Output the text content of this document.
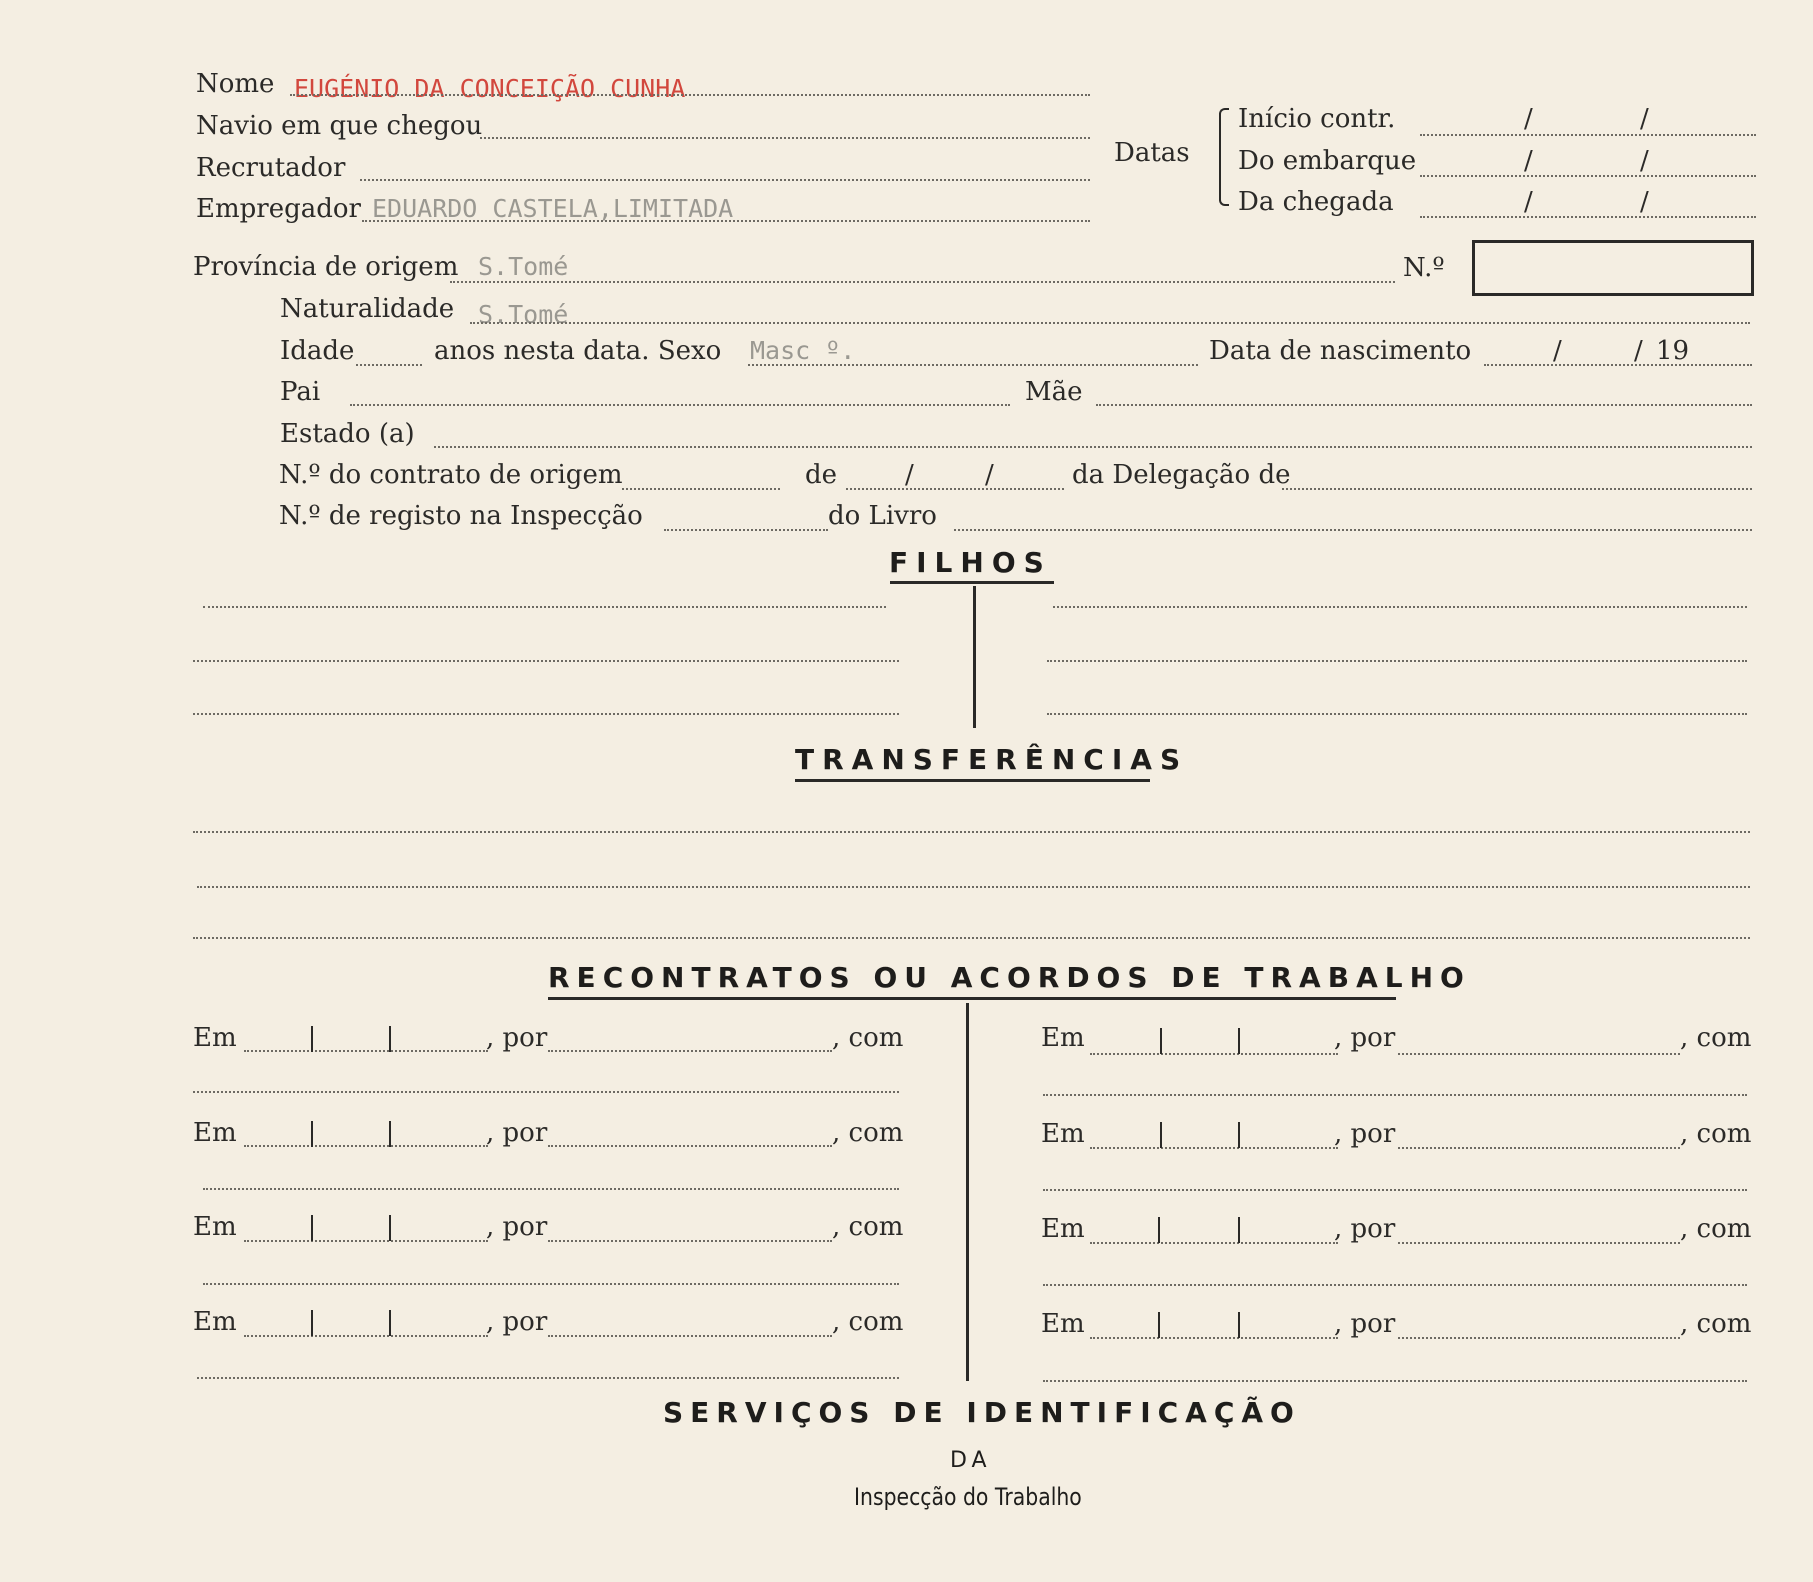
Nome EUGÉNIO DA CONCEIÇÃO CUNHA
Navio em que chegou
Recrutador
Empregador EDUARDO CASTELA,LIMITADA
Datas
Início contr.	/	/
Do embarque	/	/
Da chegada	/	/
Província de origem S.Tomé	N.º
Naturalidade S.Tomé
Idade	anos nesta data. Sexo Masc º.	Data de nascimento	/	/ 19
Pai	Mãe
Estado (a)
N.º do contrato de origem	de	/	/	da Delegação de
N.º de registo na Inspecção	do Livro
FILHOS
TRANSFERÊNCIAS
RECONTRATOS OU ACORDOS DE TRABALHO
Em	, por	, com
Em	, por	, com
Em	, por	, com
Em	, por	, com
Em	, por	, com
Em	, por	, com
Em	, por	, com
Em	, por	, com
SERVIÇOS DE IDENTIFICAÇÃO
DA
Inspecção do Trabalho
